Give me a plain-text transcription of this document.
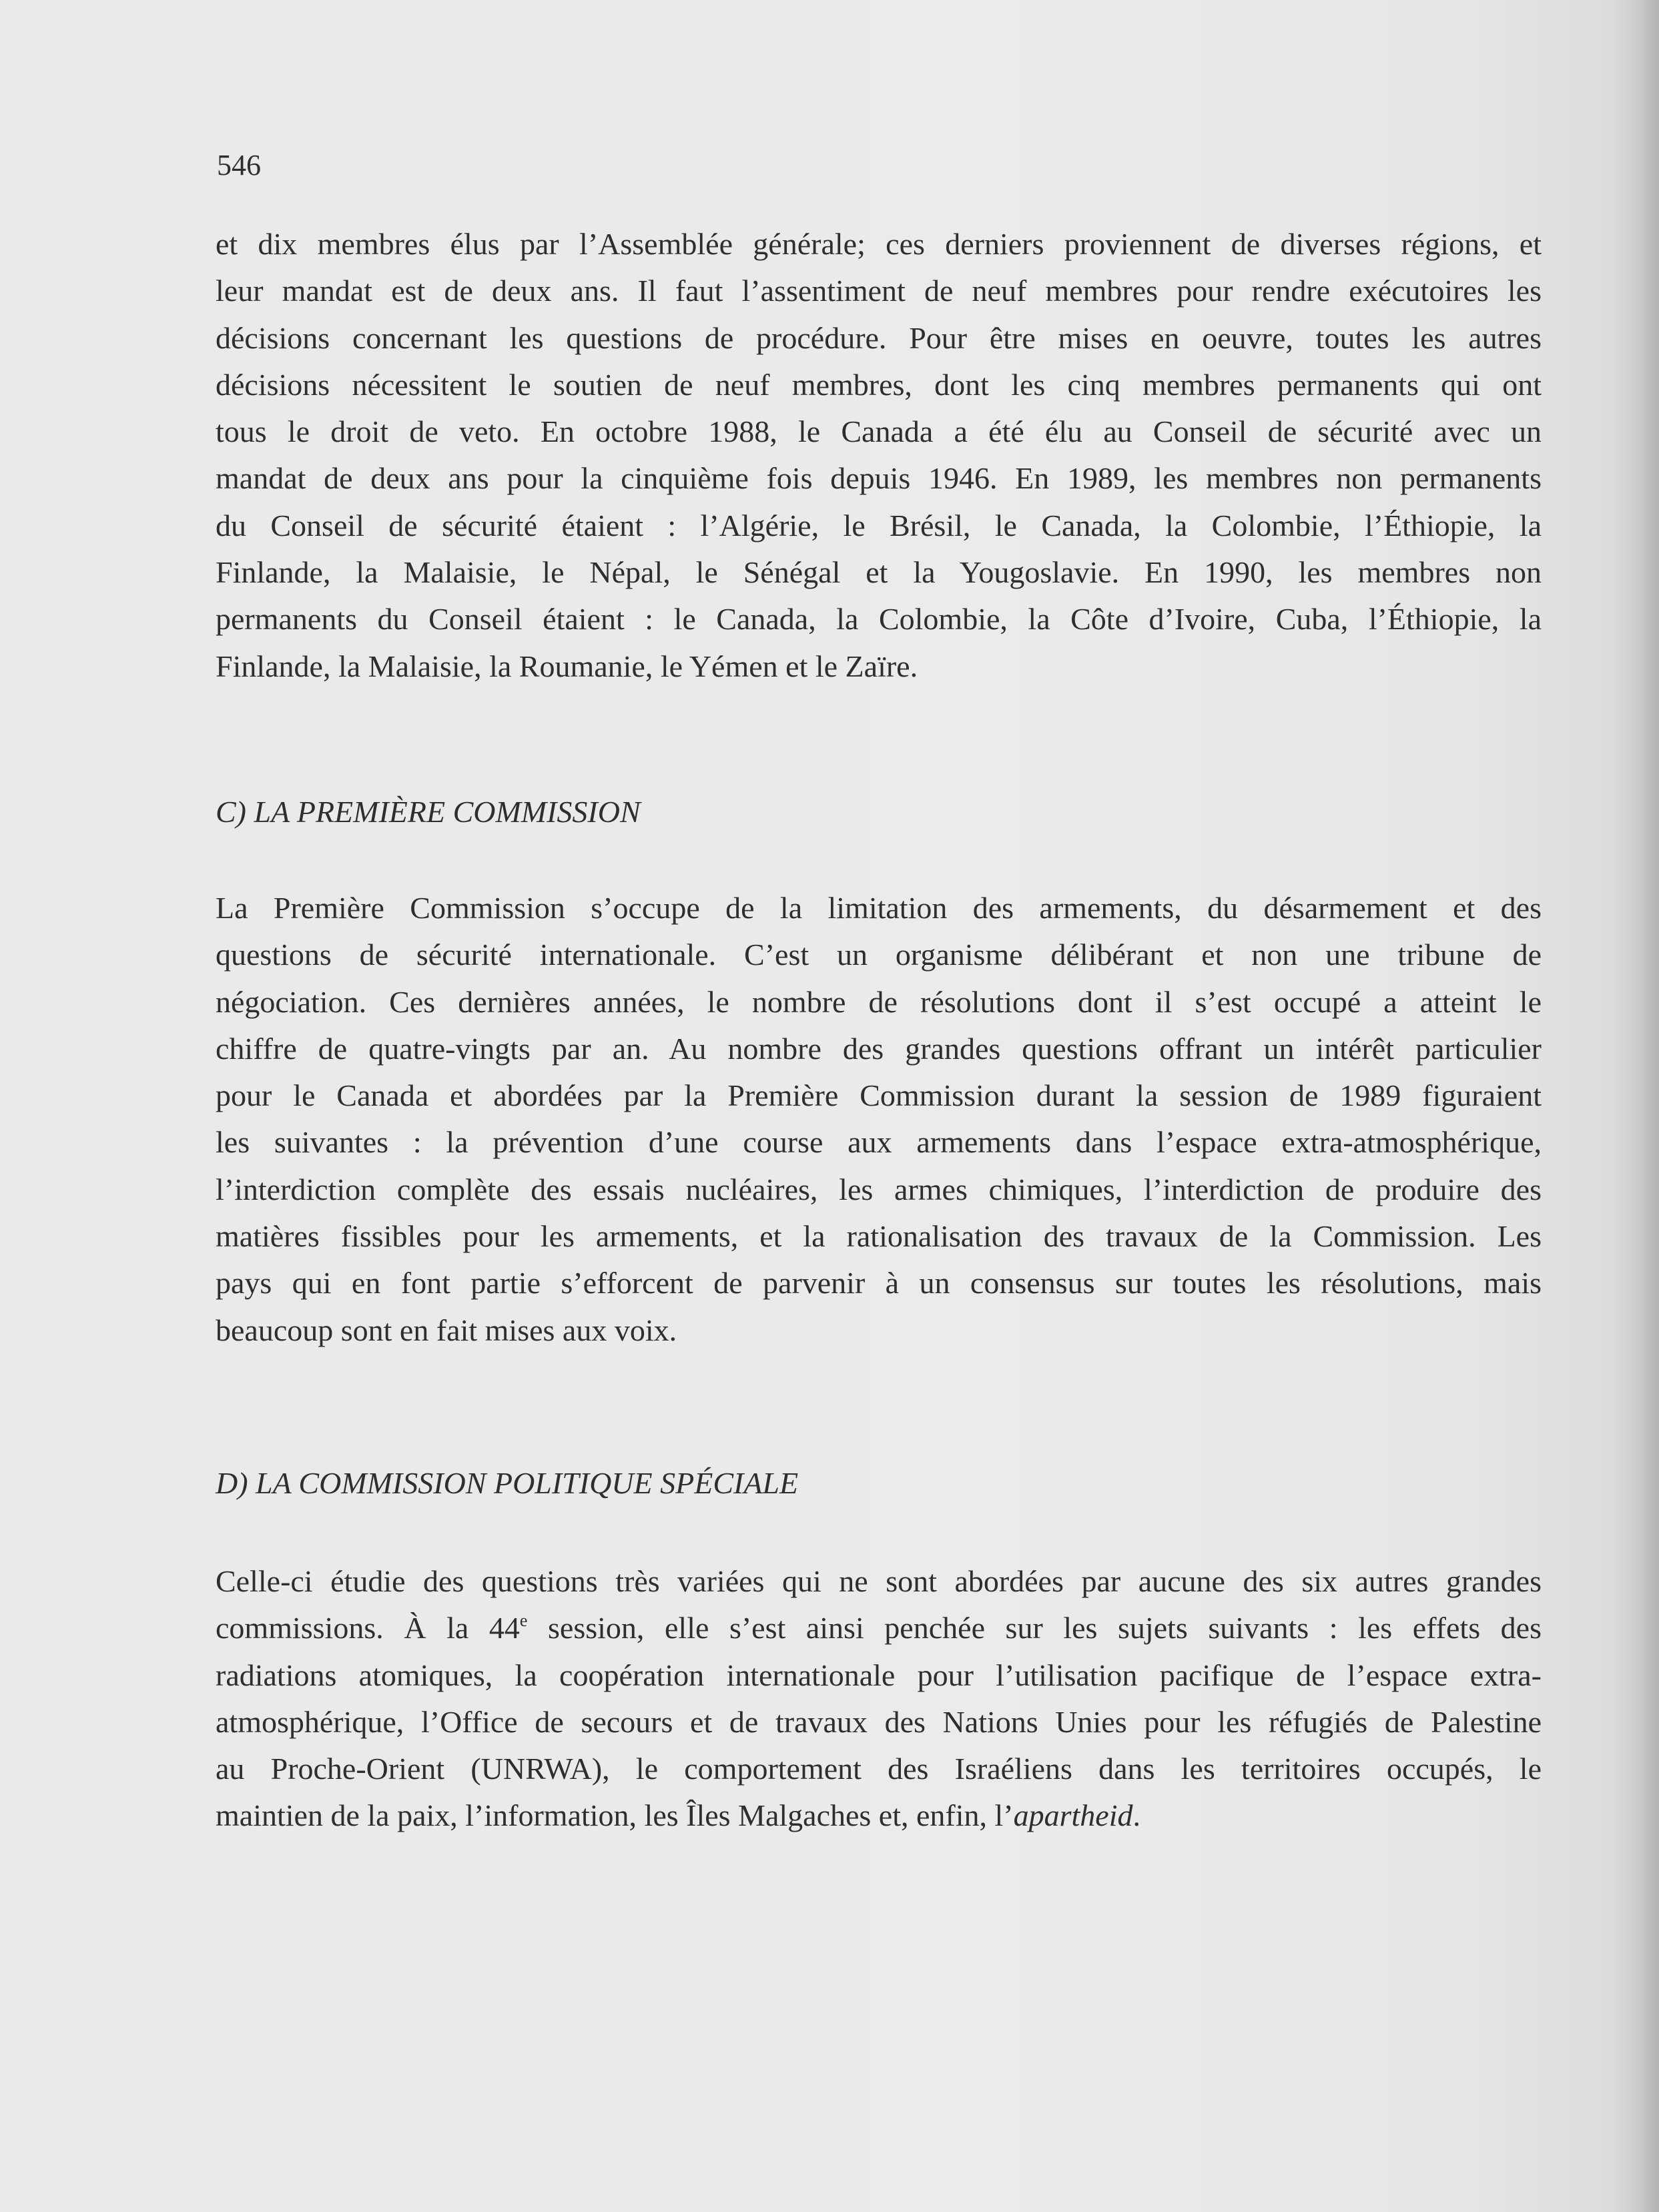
546
et dix membres élus par l’Assemblée générale; ces derniers proviennent de diverses régions, et
leur mandat est de deux ans. Il faut l’assentiment de neuf membres pour rendre exécutoires les
décisions concernant les questions de procédure. Pour être mises en oeuvre, toutes les autres
décisions nécessitent le soutien de neuf membres, dont les cinq membres permanents qui ont
tous le droit de veto. En octobre 1988, le Canada a été élu au Conseil de sécurité avec un
mandat de deux ans pour la cinquième fois depuis 1946. En 1989, les membres non permanents
du Conseil de sécurité étaient : l’Algérie, le Brésil, le Canada, la Colombie, l’Éthiopie, la
Finlande, la Malaisie, le Népal, le Sénégal et la Yougoslavie. En 1990, les membres non
permanents du Conseil étaient : le Canada, la Colombie, la Côte d’Ivoire, Cuba, l’Éthiopie, la
Finlande, la Malaisie, la Roumanie, le Yémen et le Zaïre.
C) LA PREMIÈRE COMMISSION
La Première Commission s’occupe de la limitation des armements, du désarmement et des
questions de sécurité internationale. C’est un organisme délibérant et non une tribune de
négociation. Ces dernières années, le nombre de résolutions dont il s’est occupé a atteint le
chiffre de quatre-vingts par an. Au nombre des grandes questions offrant un intérêt particulier
pour le Canada et abordées par la Première Commission durant la session de 1989 figuraient
les suivantes : la prévention d’une course aux armements dans l’espace extra-atmosphérique,
l’interdiction complète des essais nucléaires, les armes chimiques, l’interdiction de produire des
matières fissibles pour les armements, et la rationalisation des travaux de la Commission. Les
pays qui en font partie s’efforcent de parvenir à un consensus sur toutes les résolutions, mais
beaucoup sont en fait mises aux voix.
D) LA COMMISSION POLITIQUE SPÉCIALE
Celle-ci étudie des questions très variées qui ne sont abordées par aucune des six autres grandes
commissions. À la 44e session, elle s’est ainsi penchée sur les sujets suivants : les effets des
radiations atomiques, la coopération internationale pour l’utilisation pacifique de l’espace extra-
atmosphérique, l’Office de secours et de travaux des Nations Unies pour les réfugiés de Palestine
au Proche-Orient (UNRWA), le comportement des Israéliens dans les territoires occupés, le
maintien de la paix, l’information, les Îles Malgaches et, enfin, l’apartheid.
